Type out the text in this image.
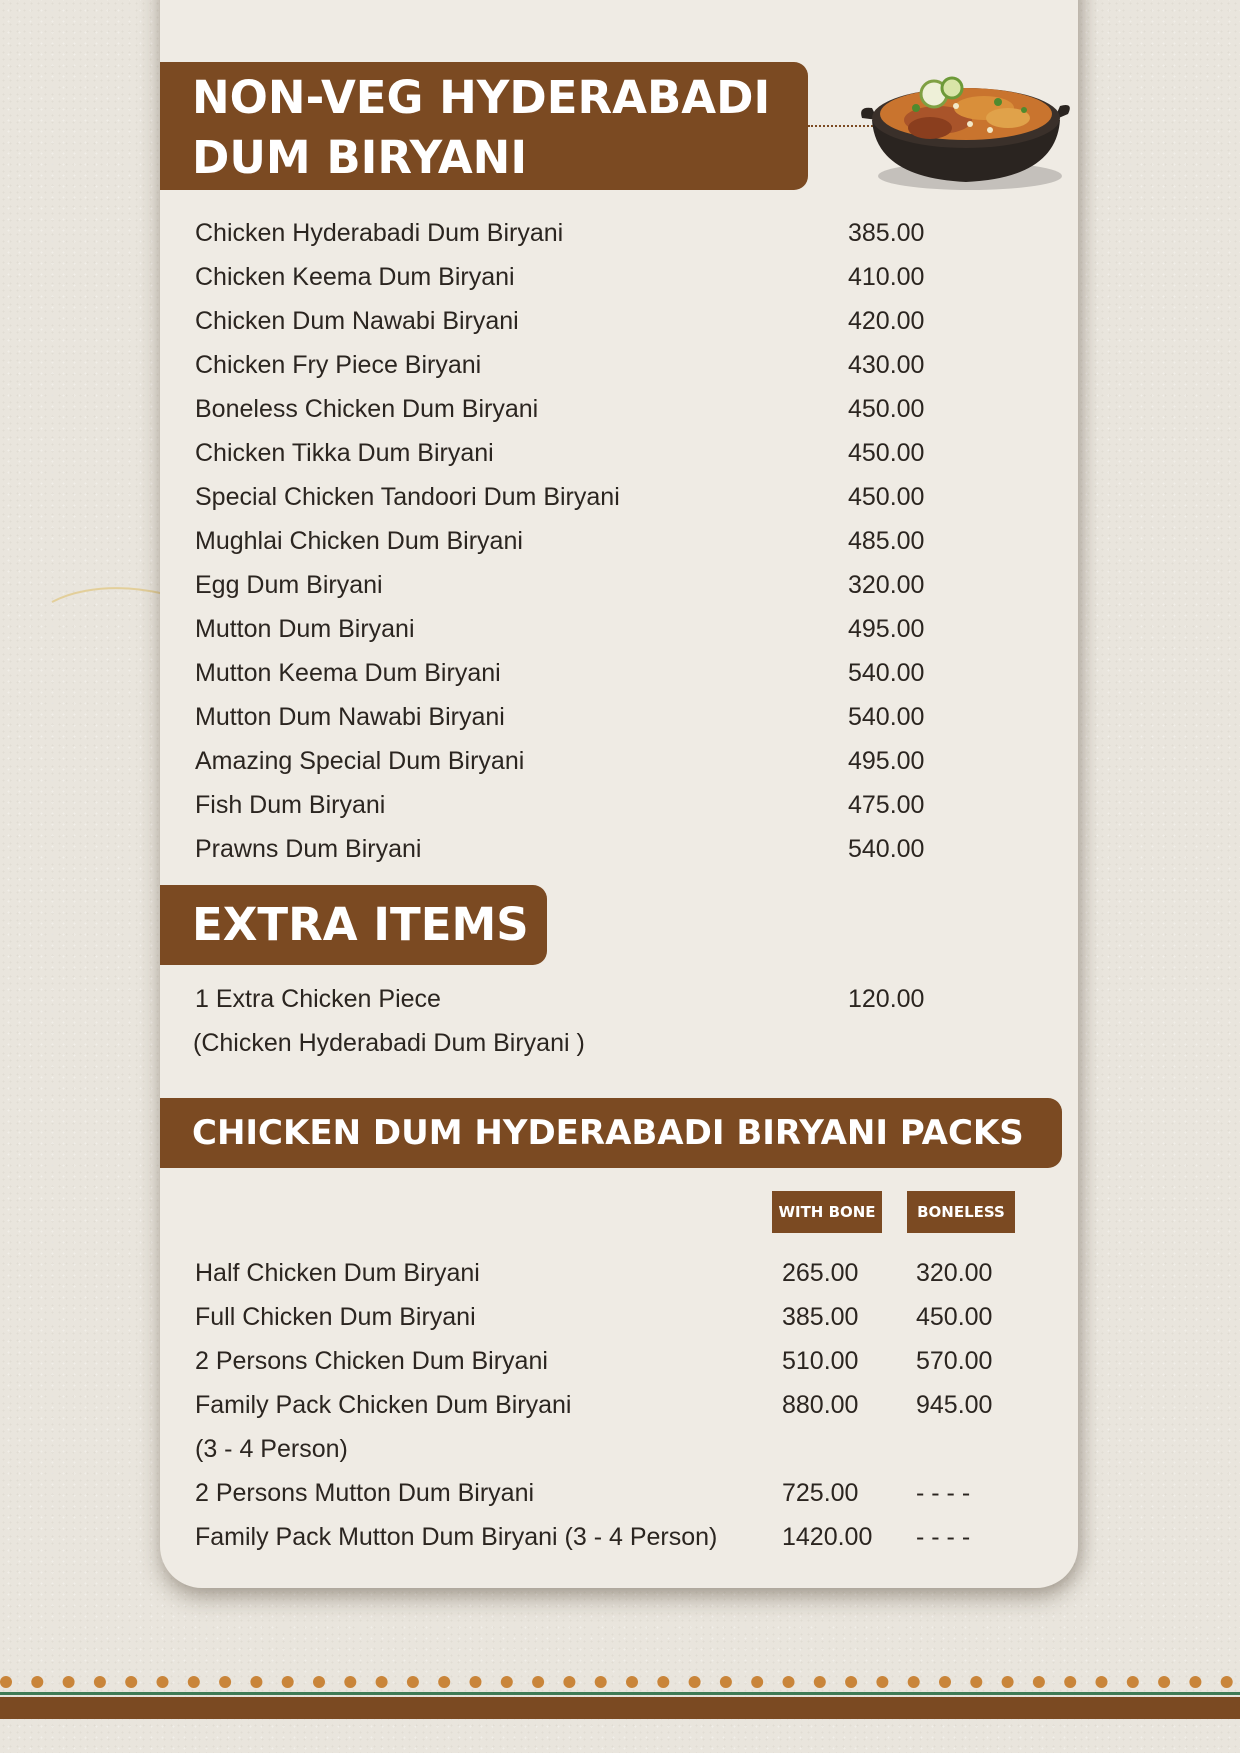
NON-VEG HYDERABADI
DUM BIRYANI
Chicken Hyderabadi Dum Biryani	385.00
Chicken Keema Dum Biryani	410.00
Chicken Dum Nawabi Biryani	420.00
Chicken Fry Piece Biryani	430.00
Boneless Chicken Dum Biryani	450.00
Chicken Tikka Dum Biryani	450.00
Special Chicken Tandoori Dum Biryani	450.00
Mughlai Chicken Dum Biryani	485.00
Egg Dum Biryani	320.00
Mutton Dum Biryani	495.00
Mutton Keema Dum Biryani	540.00
Mutton Dum Nawabi Biryani	540.00
Amazing Special Dum Biryani	495.00
Fish Dum Biryani	475.00
Prawns Dum Biryani	540.00
EXTRA ITEMS
1 Extra Chicken Piece	120.00
(Chicken Hyderabadi Dum Biryani )
CHICKEN DUM HYDERABADI BIRYANI PACKS
WITH BONE	BONELESS
Half Chicken Dum Biryani	265.00 320.00
Full Chicken Dum Biryani	385.00 450.00
2 Persons Chicken Dum Biryani	510.00 570.00
Family Pack Chicken Dum Biryani	880.00 945.00
(3 - 4 Person)
2 Persons Mutton Dum Biryani	725.00 - - - -
Family Pack Mutton Dum Biryani (3 - 4 Person)	1420.00 - - - -
